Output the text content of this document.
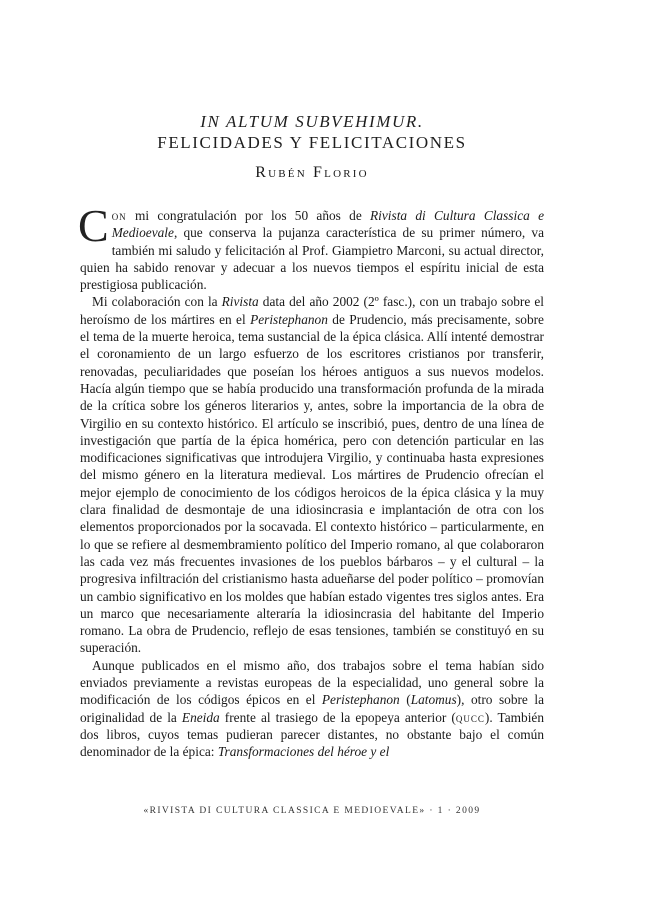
IN ALTUM SUBVEHIMUR.
FELICIDADES Y FELICITACIONES
Rubén Florio

Con mi congratulación por los 50 años de Rivista di Cultura Classica e Medioevale, que conserva la pujanza característica de su primer número, va también mi saludo y felicitación al Prof. Giampietro Marconi, su actual director, quien ha sabido renovar y adecuar a los nuevos tiempos el espíritu inicial de esta prestigiosa publicación.

Mi colaboración con la Rivista data del año 2002 (2º fasc.), con un trabajo sobre el heroísmo de los mártires en el Peristephanon de Prudencio, más precisamente, sobre el tema de la muerte heroica, tema sustancial de la épica clásica. Allí intenté demostrar el coronamiento de un largo esfuerzo de los escritores cristianos por transferir, renovadas, peculiaridades que poseían los héroes antiguos a sus nuevos modelos. Hacía algún tiempo que se había producido una transformación profunda de la mirada de la crítica sobre los géneros literarios y, antes, sobre la importancia de la obra de Virgilio en su contexto histórico. El artículo se inscribió, pues, dentro de una línea de investigación que partía de la épica homérica, pero con detención particular en las modificaciones significativas que introdujera Virgilio, y continuaba hasta expresiones del mismo género en la literatura medieval. Los mártires de Prudencio ofrecían el mejor ejemplo de conocimiento de los códigos heroicos de la épica clásica y la muy clara finalidad de desmontaje de una idiosincrasia e implantación de otra con los elementos proporcionados por la socavada. El contexto histórico – particularmente, en lo que se refiere al desmembramiento político del Imperio romano, al que colaboraron las cada vez más frecuentes invasiones de los pueblos bárbaros – y el cultural – la progresiva infiltración del cristianismo hasta adueñarse del poder político – promovían un cambio significativo en los moldes que habían estado vigentes tres siglos antes. Era un marco que necesariamente alteraría la idiosincrasia del habitante del Imperio romano. La obra de Prudencio, reflejo de esas tensiones, también se constituyó en su superación.

Aunque publicados en el mismo año, dos trabajos sobre el tema habían sido enviados previamente a revistas europeas de la especialidad, uno general sobre la modificación de los códigos épicos en el Peristephanon (Latomus), otro sobre la originalidad de la Eneida frente al trasiego de la epopeya anterior (qucc). También dos libros, cuyos temas pudieran parecer distantes, no obstante bajo el común denominador de la épica: Transformaciones del héroe y el

«RIVISTA DI CULTURA CLASSICA E MEDIOEVALE» · 1 · 2009
